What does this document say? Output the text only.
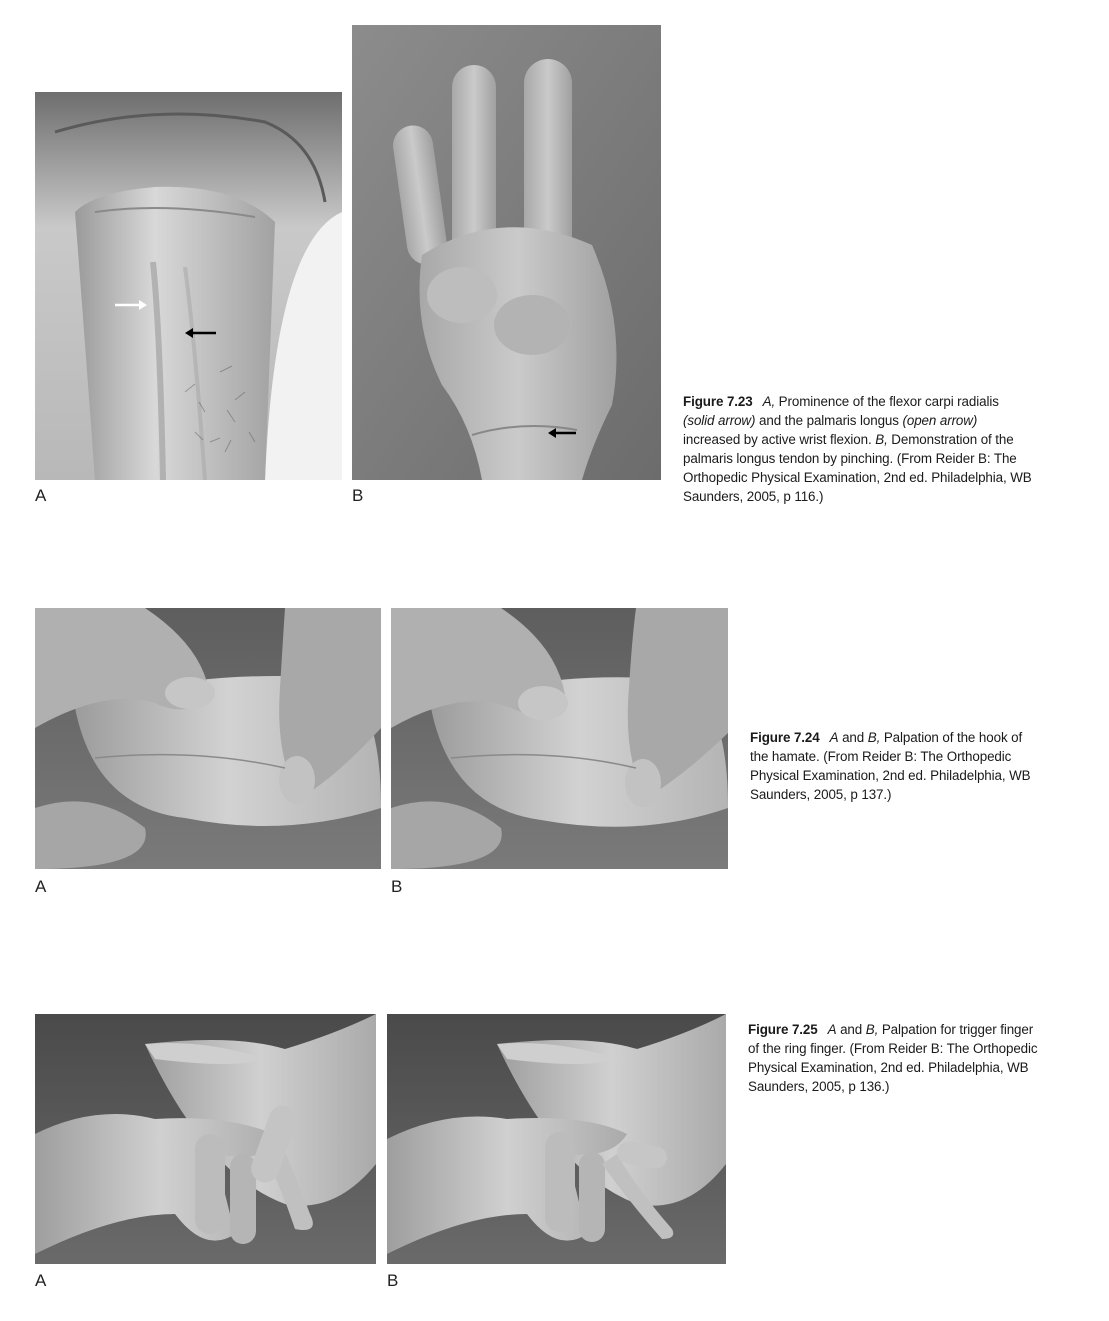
A	B
Figure 7.23 A, Prominence of the flexor carpi radialis (solid arrow) and the palmaris longus (open arrow) increased by active wrist flexion. B, Demonstration of the palmaris longus tendon by pinching. (From Reider B: The Orthopedic Physical Examination, 2nd ed. Philadelphia, WB Saunders, 2005, p 116.)
A	B
Figure 7.24 A and B, Palpation of the hook of the hamate. (From Reider B: The Orthopedic Physical Examination, 2nd ed. Philadelphia, WB Saunders, 2005, p 137.)
A	B
Figure 7.25 A and B, Palpation for trigger finger of the ring finger. (From Reider B: The Orthopedic Physical Examination, 2nd ed. Philadelphia, WB Saunders, 2005, p 136.)
